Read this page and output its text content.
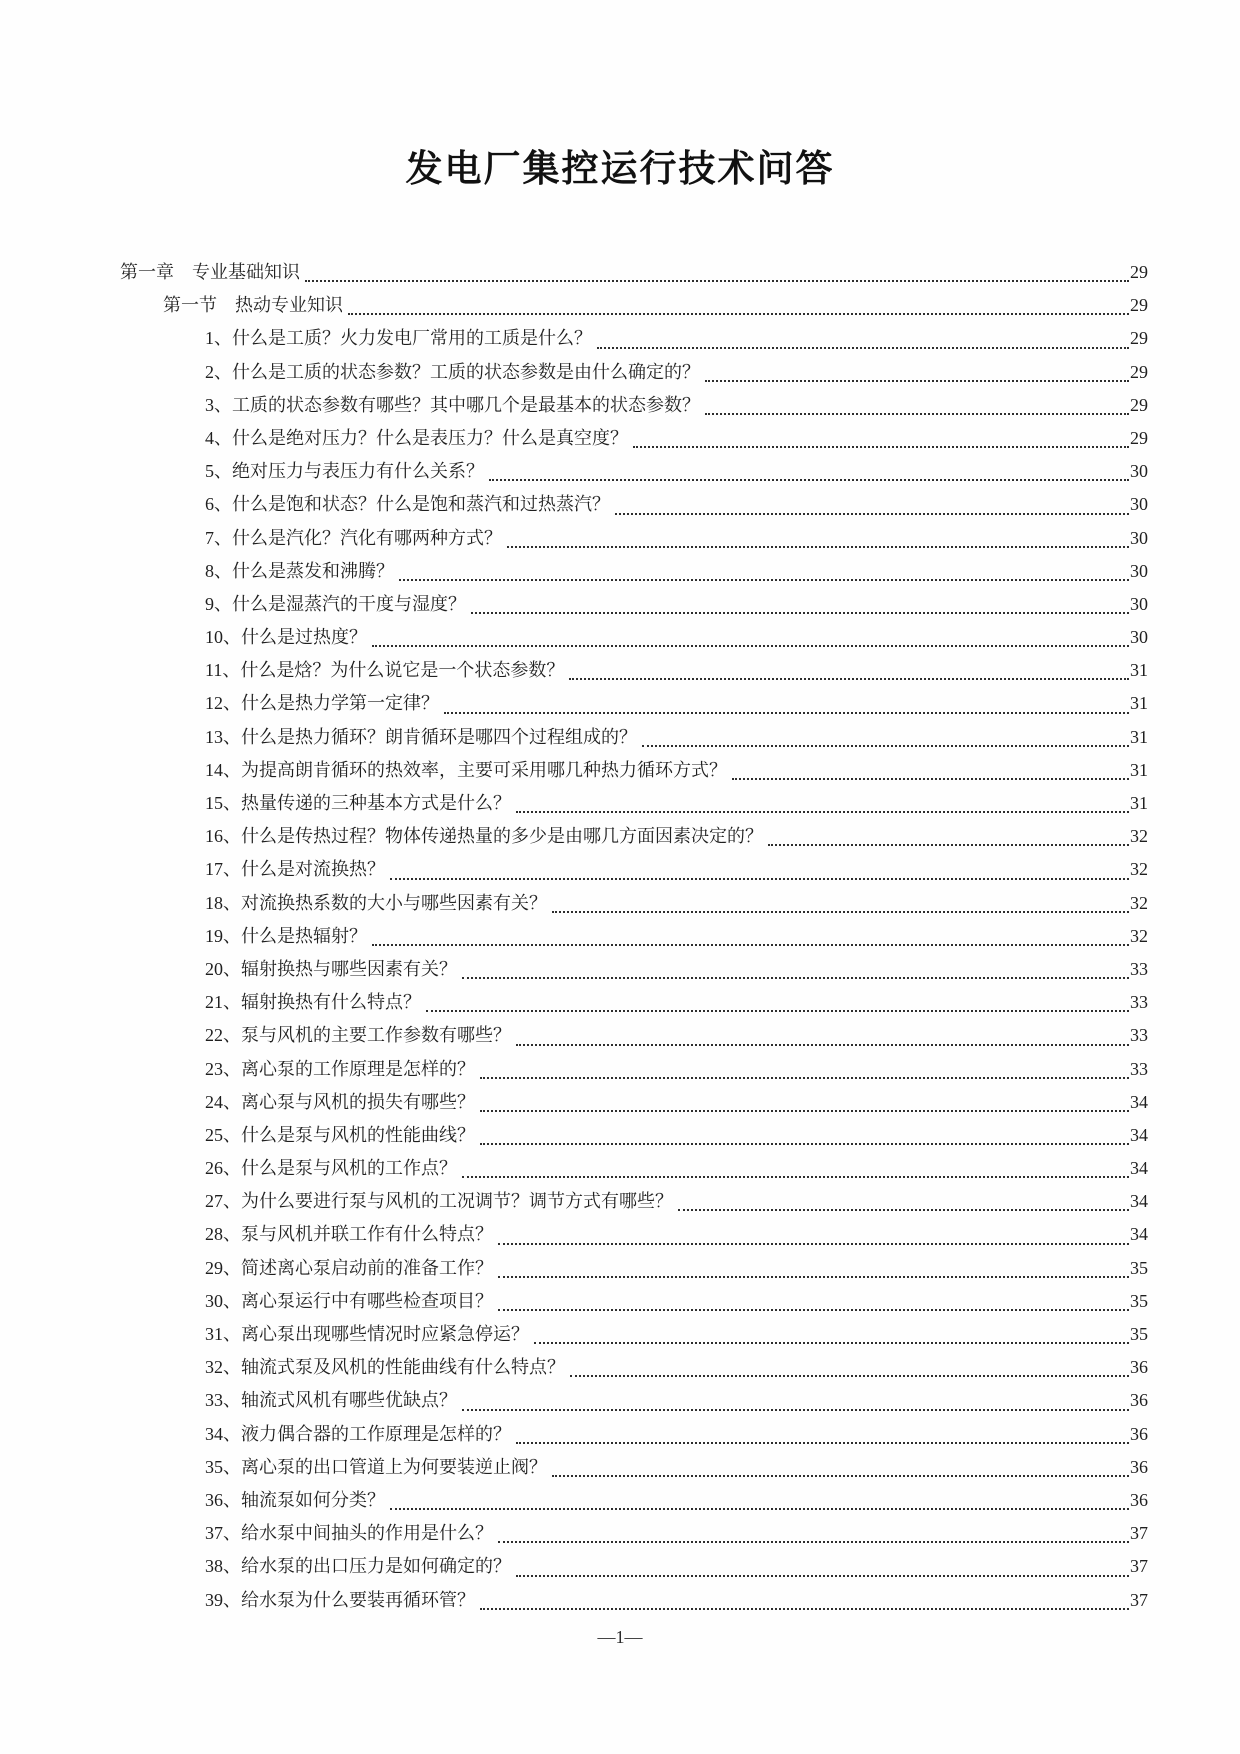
发电厂集控运行技术问答
第一章 专业基础知识	29
第一节 热动专业知识	29
1、 什么是工质？火力发电厂常用的工质是什么？	29
2、 什么是工质的状态参数？工质的状态参数是由什么确定的？	29
3、 工质的状态参数有哪些？其中哪几个是最基本的状态参数？	29
4、 什么是绝对压力？什么是表压力？什么是真空度？	29
5、 绝对压力与表压力有什么关系？	30
6、 什么是饱和状态？什么是饱和蒸汽和过热蒸汽？	30
7、 什么是汽化？汽化有哪两种方式？	30
8、 什么是蒸发和沸腾？	30
9、 什么是湿蒸汽的干度与湿度？	30
10、 什么是过热度？	30
11、 什么是焓？为什么说它是一个状态参数？	31
12、 什么是热力学第一定律？	31
13、 什么是热力循环？朗肯循环是哪四个过程组成的？	31
14、 为提高朗肯循环的热效率，主要可采用哪几种热力循环方式？	31
15、 热量传递的三种基本方式是什么？	31
16、 什么是传热过程？物体传递热量的多少是由哪几方面因素决定的？	32
17、 什么是对流换热？	32
18、 对流换热系数的大小与哪些因素有关？	32
19、 什么是热辐射？	32
20、 辐射换热与哪些因素有关？	33
21、 辐射换热有什么特点？	33
22、 泵与风机的主要工作参数有哪些？	33
23、 离心泵的工作原理是怎样的？	33
24、 离心泵与风机的损失有哪些？	34
25、 什么是泵与风机的性能曲线？	34
26、 什么是泵与风机的工作点？	34
27、 为什么要进行泵与风机的工况调节？调节方式有哪些？	34
28、 泵与风机并联工作有什么特点？	34
29、 简述离心泵启动前的准备工作？	35
30、 离心泵运行中有哪些检查项目？	35
31、 离心泵出现哪些情况时应紧急停运？	35
32、 轴流式泵及风机的性能曲线有什么特点？	36
33、 轴流式风机有哪些优缺点？	36
34、 液力偶合器的工作原理是怎样的？	36
35、 离心泵的出口管道上为何要装逆止阀？	36
36、 轴流泵如何分类？	36
37、 给水泵中间抽头的作用是什么？	37
38、 给水泵的出口压力是如何确定的？	37
39、 给水泵为什么要装再循环管？	37
—1—
